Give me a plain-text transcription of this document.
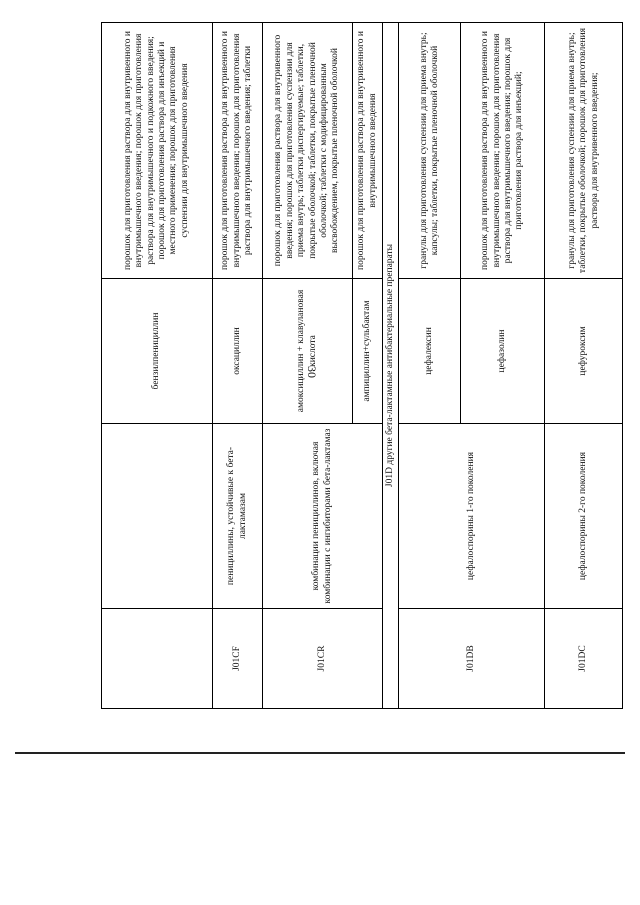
30
		бензилпенициллин	порошок для приготовления раствора для внутривенного и внутримышечного введения; порошок для приготовления раствора для внутримышечного и подкожного введения; порошок для приготовления раствора для инъекций и местного применения; порошок для приготовления суспензии для внутримышечного введения
J01CF	пенициллины, устойчивые к бета-лактамазам	оксациллин	порошок для приготовления раствора для внутривенного и внутримышечного введения; порошок для приготовления раствора для внутримышечного введения; таблетки
J01CR	комбинации пенициллинов, включая комбинации с ингибиторами бета-лактамаз	амоксициллин + клавулановая кислота	порошок для приготовления раствора для внутривенного введения; порошок для приготовления суспензии для приема внутрь; таблетки диспергируемые; таблетки, покрытые оболочкой; таблетки, покрытые пленочной оболочкой; таблетки с модифицированным высвобождением, покрытые пленочной оболочкой
		ампициллин+сульбактам	порошок для приготовления раствора для внутривенного и внутримышечного введения
J01D другие бета-лактамные антибактериальные препараты			
J01DB	цефалоспорины 1-го поколения	цефалексин	гранулы для приготовления суспензии для приема внутрь; капсулы; таблетки, покрытые пленочной оболочкой
		цефазолин	порошок для приготовления раствора для внутривенного и внутримышечного введения; порошок для приготовления раствора для внутримышечного введения; порошок для приготовления раствора для инъекций;
J01DC	цефалоспорины 2-го поколения	цефуроксим	гранулы для приготовления суспензии для приема внутрь; таблетки, покрытые оболочкой; порошок для приготовления раствора для внутривенного введения;
